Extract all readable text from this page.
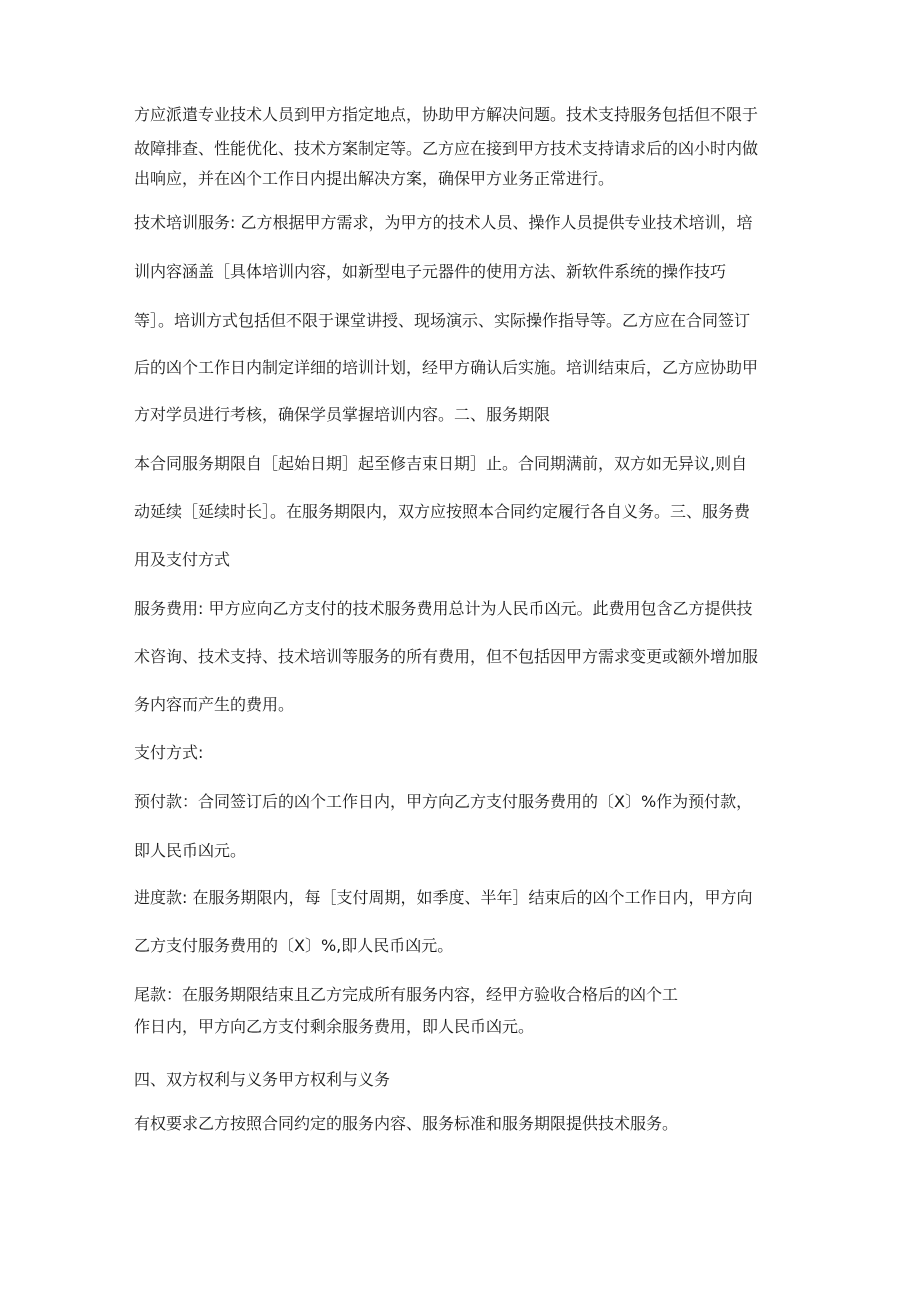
方应派遣专业技术人员到甲方指定地点，协助甲方解决问题。技术支持服务包括但不限于

故障排查、性能优化、技术方案制定等。乙方应在接到甲方技术支持请求后的凶小时内做

出响应，并在凶个工作日内提出解决方案，确保甲方业务正常进行。

技术培训服务: 乙方根据甲方需求，为甲方的技术人员、操作人员提供专业技术培训，培

训内容涵盖［具体培训内容，如新型电子元器件的使用方法、新软件系统的操作技巧

等］。培训方式包括但不限于课堂讲授、现场演示、实际操作指导等。乙方应在合同签订

后的凶个工作日内制定详细的培训计划，经甲方确认后实施。培训结束后，乙方应协助甲

方对学员进行考核，确保学员掌握培训内容。二、服务期限

本合同服务期限自［起始日期］起至修吉束日期］止。合同期满前，双方如无异议,则自

动延续［延续时长］。在服务期限内，双方应按照本合同约定履行各自义务。三、服务费

用及支付方式

服务费用: 甲方应向乙方支付的技术服务费用总计为人民币凶元。此费用包含乙方提供技

术咨询、技术支持、技术培训等服务的所有费用，但不包括因甲方需求变更或额外增加服

务内容而产生的费用。

支付方式:

预付款：合同签订后的凶个工作日内，甲方向乙方支付服务费用的〔X〕%作为预付款，

即人民币凶元。

进度款: 在服务期限内，每［支付周期，如季度、半年］结束后的凶个工作日内，甲方向

乙方支付服务费用的〔X〕%,即人民币凶元。

尾款：在服务期限结束且乙方完成所有服务内容，经甲方验收合格后的凶个工

作日内，甲方向乙方支付剩余服务费用，即人民币凶元。

四、双方权利与义务甲方权利与义务

有权要求乙方按照合同约定的服务内容、服务标准和服务期限提供技术服务。
